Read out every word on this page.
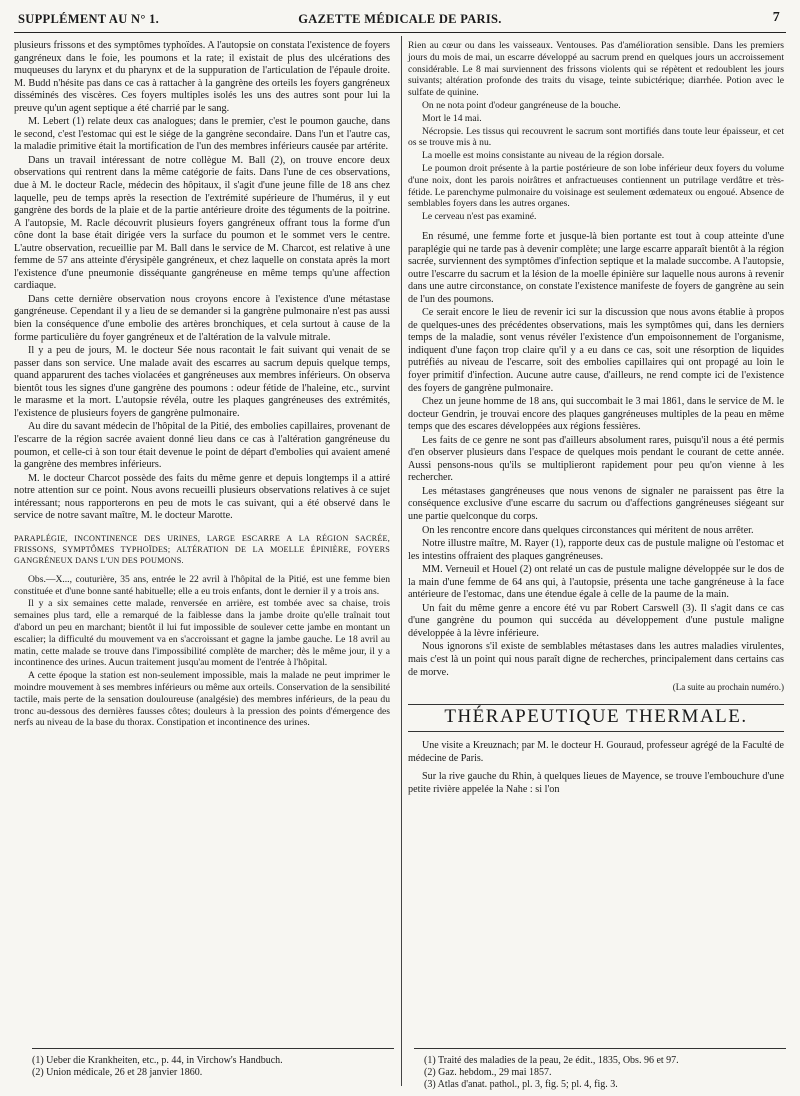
SUPPLÉMENT AU N° 1.	GAZETTE MÉDICALE DE PARIS.	7

plusieurs frissons et des symptômes typhoïdes. A l'autopsie on constata l'existence de foyers gangréneux dans le foie, les poumons et la rate; il existait de plus des ulcérations des muqueuses du larynx et du pharynx et de la suppuration de l'articulation de l'épaule droite. M. Budd n'hésite pas dans ce cas à rattacher à la gangrène des orteils les foyers gangréneux disséminés des viscères. Ces foyers multiples isolés les uns des autres sont pour lui la preuve qu'un agent septique a été charrié par le sang.

M. Lebert (1) relate deux cas analogues; dans le premier, c'est le poumon gauche, dans le second, c'est l'estomac qui est le siége de la gangrène secondaire. Dans l'un et l'autre cas, la maladie primitive était la mortification de l'un des membres inférieurs causée par artérite.

Dans un travail intéressant de notre collègue M. Ball (2), on trouve encore deux observations qui rentrent dans la même catégorie de faits. Dans l'une de ces observations, due à M. le docteur Racle, médecin des hôpitaux, il s'agit d'une jeune fille de 18 ans chez laquelle, peu de temps après la resection de l'extrémité supérieure de l'humérus, il y eut gangrène des bords de la plaie et de la partie antérieure droite des téguments de la poitrine. A l'autopsie, M. Racle découvrit plusieurs foyers gangréneux offrant tous la forme d'un cône dont la base était dirigée vers la surface du poumon et le sommet vers le centre. L'autre observation, recueillie par M. Ball dans le service de M. Charcot, est relative à une femme de 57 ans atteinte d'érysipèle gangréneux, et chez laquelle on constata après la mort l'existence d'une pneumonie disséquante gangréneuse en même temps qu'une affection cardiaque.

Dans cette dernière observation nous croyons encore à l'existence d'une métastase gangréneuse. Cependant il y a lieu de se demander si la gangrène pulmonaire n'est pas aussi bien la conséquence d'une embolie des artères bronchiques, et cela surtout à cause de la forme particulière du foyer gangréneux et de l'altération de la valvule mitrale.

Il y a peu de jours, M. le docteur Sée nous racontait le fait suivant qui venait de se passer dans son service. Une malade avait des escarres au sacrum depuis quelque temps, quand apparurent des taches violacées et gangréneuses aux membres inférieurs. On observa bientôt tous les signes d'une gangrène des poumons : odeur fétide de l'haleine, etc., survint le marasme et la mort. L'autopsie révéla, outre les plaques gangréneuses des extrémités, l'existence de plusieurs foyers de gangrène pulmonaire.

Au dire du savant médecin de l'hôpital de la Pitié, des embolies capillaires, provenant de l'escarre de la région sacrée avaient donné lieu dans ce cas à l'altération gangréneuse du poumon, et celle-ci à son tour était devenue le point de départ d'embolies qui avaient amené la gangrène des membres inférieurs.

M. le docteur Charcot possède des faits du même genre et depuis longtemps il a attiré notre attention sur ce point. Nous avons recueilli plusieurs observations relatives à ce sujet intéressant; nous rapporterons en peu de mots le cas suivant, qui a été observé dans le service de notre savant maître, M. le docteur Marotte.

PARAPLÉGIE, INCONTINENCE DES URINES, LARGE ESCARRE A LA RÉGION SACRÉE, FRISSONS, SYMPTÔMES TYPHOÏDES; ALTÉRATION DE LA MOELLE ÉPINIÈRE, FOYERS GANGRÉNEUX DANS L'UN DES POUMONS.

Obs.—X..., couturière, 35 ans, entrée le 22 avril à l'hôpital de la Pitié, est une femme bien constituée et d'une bonne santé habituelle; elle a eu trois enfants, dont le dernier il y a trois ans.

Il y a six semaines cette malade, renversée en arrière, est tombée avec sa chaise, trois semaines plus tard, elle a remarqué de la faiblesse dans la jambe droite qu'elle traînait tout d'abord un peu en marchant; bientôt il lui fut impossible de soulever cette jambe en montant un escalier; la difficulté du mouvement va en s'accroissant et gagne la jambe gauche. Le 18 avril au matin, cette malade se trouve dans l'impossibilité complète de marcher; dès le même jour, il y a incontinence des urines. Aucun traitement jusqu'au moment de l'entrée à l'hôpital.

A cette époque la station est non-seulement impossible, mais la malade ne peut imprimer le moindre mouvement à ses membres inférieurs ou même aux orteils. Conservation de la sensibilité tactile, mais perte de la sensation douloureuse (analgésie) des membres inférieurs, de la peau du tronc au-dessous des dernières fausses côtes; douleurs à la pression des points d'émergence des nerfs au niveau de la base du thorax. Constipation et incontinence des urines.

Rien au cœur ou dans les vaisseaux. Ventouses. Pas d'amélioration sensible. Dans les premiers jours du mois de mai, un escarre développé au sacrum prend en quelques jours un accroissement considérable. Le 8 mai surviennent des frissons violents qui se répètent et redoublent les jours suivants; altération profonde des traits du visage, teinte subictérique; diarrhée. Potion avec le sulfate de quinine.

On ne nota point d'odeur gangréneuse de la bouche.

Mort le 14 mai.

Nécropsie. Les tissus qui recouvrent le sacrum sont mortifiés dans toute leur épaisseur, et cet os se trouve mis à nu.

La moelle est moins consistante au niveau de la région dorsale.

Le poumon droit présente à la partie postérieure de son lobe inférieur deux foyers du volume d'une noix, dont les parois noirâtres et anfractueuses contiennent un putrilage verdâtre et très-fétide. Le parenchyme pulmonaire du voisinage est seulement œdemateux ou engoué. Absence de semblables foyers dans les autres organes.

Le cerveau n'est pas examiné.

En résumé, une femme forte et jusque-là bien portante est tout à coup atteinte d'une paraplégie qui ne tarde pas à devenir complète; une large escarre apparaît bientôt à la région sacrée, surviennent des symptômes d'infection septique et la malade succombe. A l'autopsie, outre l'escarre du sacrum et la lésion de la moelle épinière sur laquelle nous aurons à revenir dans une autre circonstance, on constate l'existence manifeste de foyers de gangrène au sein de l'un des poumons.

Ce serait encore le lieu de revenir ici sur la discussion que nous avons établie à propos de quelques-unes des précédentes observations, mais les symptômes qui, dans les derniers temps de la maladie, sont venus révéler l'existence d'un empoisonnement de l'organisme, indiquent d'une façon trop claire qu'il y a eu dans ce cas, soit une résorption de liquides putréfiés au niveau de l'escarre, soit des embolies capillaires qui ont propagé au loin le foyer primitif d'infection. Aucune autre cause, d'ailleurs, ne rend compte ici de l'existence des foyers de gangrène pulmonaire.

Chez un jeune homme de 18 ans, qui succombait le 3 mai 1861, dans le service de M. le docteur Gendrin, je trouvai encore des plaques gangréneuses multiples de la peau en même temps que des escares développées aux régions fessières.

Les faits de ce genre ne sont pas d'ailleurs absolument rares, puisqu'il nous a été permis d'en observer plusieurs dans l'espace de quelques mois pendant le courant de cette année. Aussi pensons-nous qu'ils se multiplieront rapidement pour peu qu'on vienne à les rechercher.

Les métastases gangréneuses que nous venons de signaler ne paraissent pas être la conséquence exclusive d'une escarre du sacrum ou d'affections gangréneuses siégeant sur une partie quelconque du corps.

On les rencontre encore dans quelques circonstances qui méritent de nous arrêter.

Notre illustre maître, M. Rayer (1), rapporte deux cas de pustule maligne où l'estomac et les intestins offraient des plaques gangréneuses.

MM. Verneuil et Houel (2) ont relaté un cas de pustule maligne développée sur le dos de la main d'une femme de 64 ans qui, à l'autopsie, présenta une tache gangréneuse à la face antérieure de l'estomac, dans une étendue égale à celle de la paume de la main.

Un fait du même genre a encore été vu par Robert Carswell (3). Il s'agit dans ce cas d'une gangrène du poumon qui succéda au développement d'une pustule maligne développée à la lèvre inférieure.

Nous ignorons s'il existe de semblables métastases dans les autres maladies virulentes, mais c'est là un point qui nous paraît digne de recherches, principalement dans certains cas de morve.

(La suite au prochain numéro.)
THÉRAPEUTIQUE THERMALE.

Une visite a Kreuznach; par M. le docteur H. Gouraud, professeur agrégé de la Faculté de médecine de Paris.

Sur la rive gauche du Rhin, à quelques lieues de Mayence, se trouve l'embouchure d'une petite rivière appelée la Nahe : si l'on

(1) Ueber die Krankheiten, etc., p. 44, in Virchow's Handbuch.
(2) Union médicale, 26 et 28 janvier 1860.
(1) Traité des maladies de la peau, 2e édit., 1835, Obs. 96 et 97.
(2) Gaz. hebdom., 29 mai 1857.
(3) Atlas d'anat. pathol., pl. 3, fig. 5; pl. 4, fig. 3.
